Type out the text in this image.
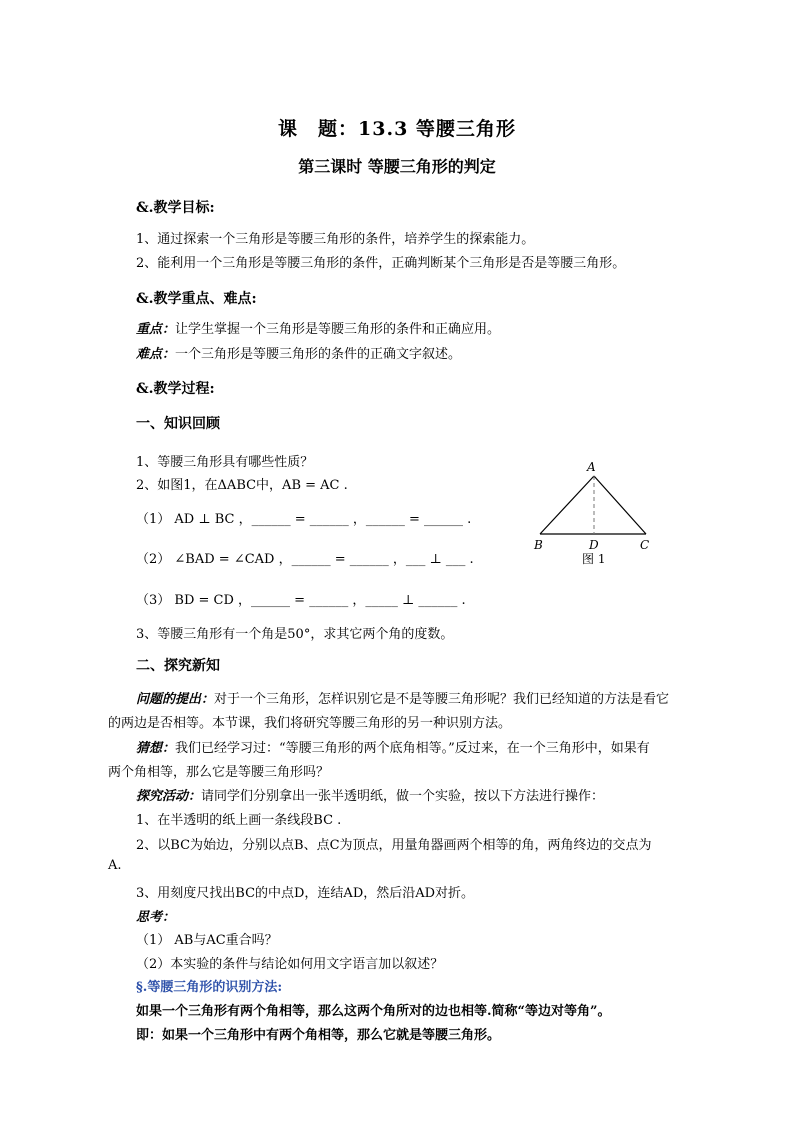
课　题：13.3 等腰三角形
第三课时 等腰三角形的判定
&.教学目标:
1、通过探索一个三角形是等腰三角形的条件，培养学生的探索能力。
2、能利用一个三角形是等腰三角形的条件，正确判断某个三角形是否是等腰三角形。
&.教学重点、难点:
重点：让学生掌握一个三角形是等腰三角形的条件和正确应用。
难点：一个三角形是等腰三角形的条件的正确文字叙述。
&.教学过程:
一、知识回顾
1、等腰三角形具有哪些性质？
2、如图1，在ΔABC中，AB = AC .
（1） AD ⊥ BC ，______ = ______ ，______ = ______ .
（2） ∠BAD = ∠CAD ，______ = ______ ，___ ⊥ ___ .
（3） BD = CD ，______ = ______ ，_____ ⊥ ______ .
3、等腰三角形有一个角是50°，求其它两个角的度数。
A
B	D	C
图 1
二、探究新知
问题的提出：对于一个三角形，怎样识别它是不是等腰三角形呢？我们已经知道的方法是看它
的两边是否相等。本节课，我们将研究等腰三角形的另一种识别方法。
猜想：我们已经学习过：“等腰三角形的两个底角相等。”反过来，在一个三角形中，如果有
两个角相等，那么它是等腰三角形吗？
探究活动：请同学们分别拿出一张半透明纸，做一个实验，按以下方法进行操作：
1、在半透明的纸上画一条线段BC .
2、以BC为始边，分别以点B、点C为顶点，用量角器画两个相等的角，两角终边的交点为
A.
3、用刻度尺找出BC的中点D，连结AD，然后沿AD对折。
思考：
（1） AB与AC重合吗？
（2）本实验的条件与结论如何用文字语言加以叙述？
§.等腰三角形的识别方法:
如果一个三角形有两个角相等，那么这两个角所对的边也相等.简称“等边对等角”。
即：如果一个三角形中有两个角相等，那么它就是等腰三角形。
